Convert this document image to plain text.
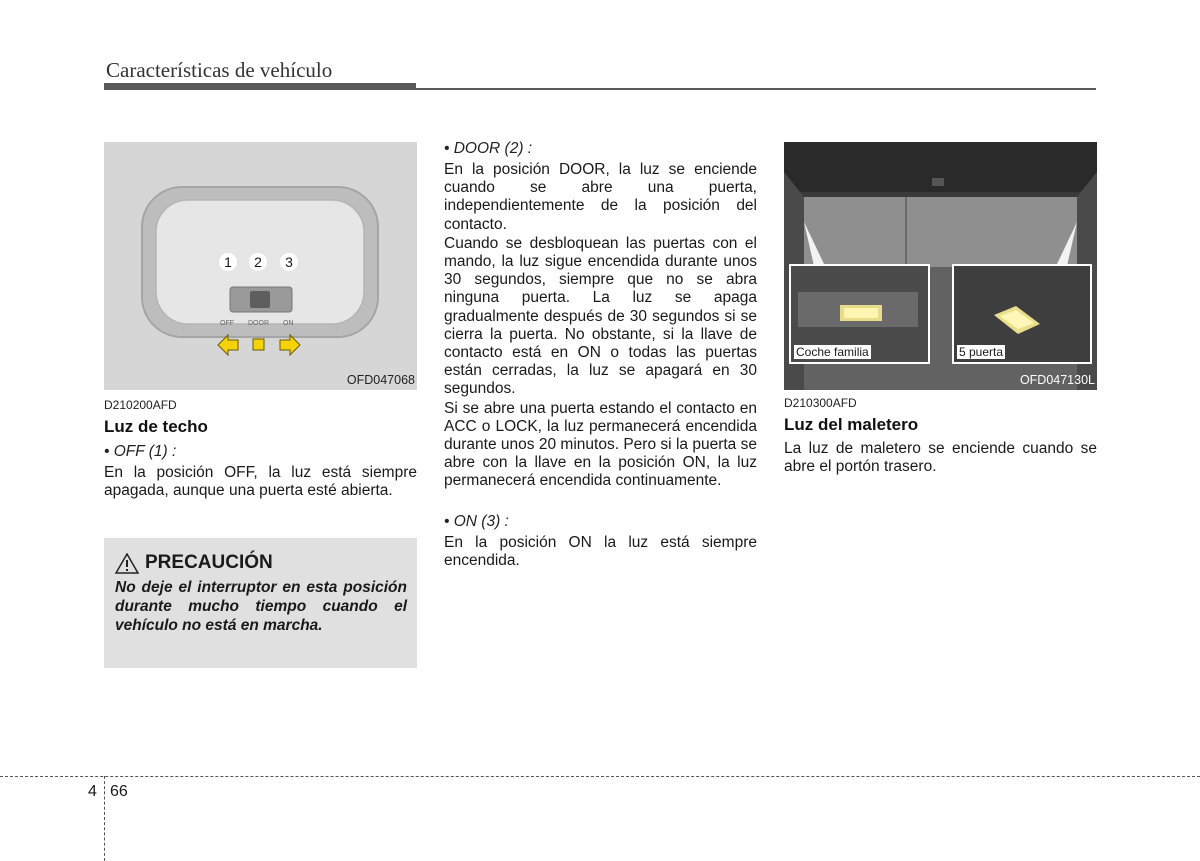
Características de vehículo
1 2 3
OFF DOOR ON
OFD047068
D210200AFD
Luz de techo
• OFF (1) :
En la posición OFF, la luz está siempre apagada, aunque una puerta esté abierta.
PRECAUCIÓN
No deje el interruptor en esta posición durante mucho tiempo cuando el vehículo no está en marcha.
• DOOR (2) :
En la posición DOOR, la luz se enciende cuando se abre una puerta, independientemente de la posición del contacto.
Cuando se desbloquean las puertas con el mando, la luz sigue encendida durante unos 30 segundos, siempre que no se abra ninguna puerta. La luz se apaga gradualmente después de 30 segundos si se cierra la puerta. No obstante, si la llave de contacto está en ON o todas las puertas están cerradas, la luz se apagará en 30 segundos.
Si se abre una puerta estando el contacto en ACC o LOCK, la luz permanecerá encendida durante unos 20 minutos. Pero si la puerta se abre con la llave en la posición ON, la luz permanecerá encendida continuamente.
• ON (3) :
En la posición ON la luz está siempre encendida.
Coche familia	5 puerta
OFD047130L
D210300AFD
Luz del maletero
La luz de maletero se enciende cuando se abre el portón trasero.
4 66
